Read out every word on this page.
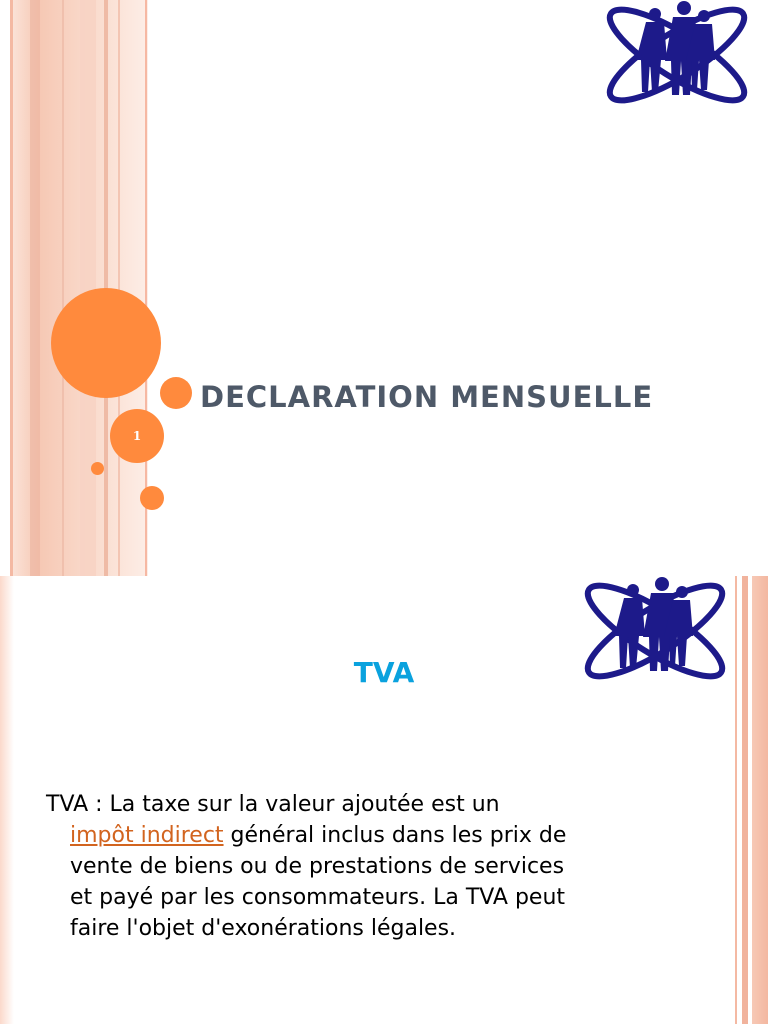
1
DECLARATION MENSUELLE
TVA
TVA : La taxe sur la valeur ajoutée est un
impôt indirect général inclus dans les prix de
vente de biens ou de prestations de services
et payé par les consommateurs. La TVA peut
faire l'objet d'exonérations légales.
